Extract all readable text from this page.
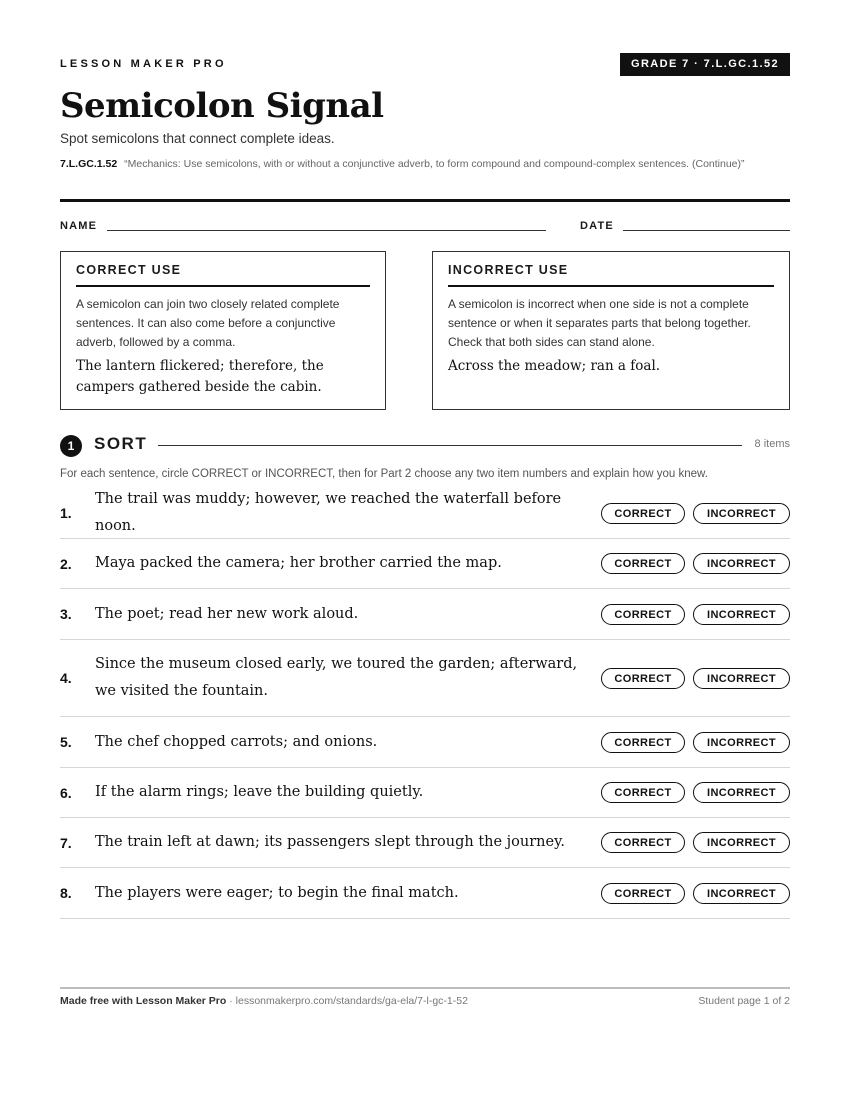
LESSON MAKER PRO	GRADE 7 · 7.L.GC.1.52
Semicolon Signal
Spot semicolons that connect complete ideas.
7.L.GC.1.52 “Mechanics: Use semicolons, with or without a conjunctive adverb, to form compound and compound-complex sentences. (Continue)”
NAME	DATE
CORRECT USE
A semicolon can join two closely related complete sentences. It can also come before a conjunctive adverb, followed by a comma.
The lantern flickered; therefore, the campers gathered beside the cabin.
INCORRECT USE
A semicolon is incorrect when one side is not a complete sentence or when it separates parts that belong together. Check that both sides can stand alone.
Across the meadow; ran a foal.
1	SORT	8 items
For each sentence, circle CORRECT or INCORRECT, then for Part 2 choose any two item numbers and explain how you knew.
1.
The trail was muddy; however, we reached the waterfall before noon.
CORRECT	INCORRECT
2.	Maya packed the camera; her brother carried the map.	CORRECT	INCORRECT
3.	The poet; read her new work aloud.	CORRECT	INCORRECT
4.
Since the museum closed early, we toured the garden; afterward, we visited the fountain.
CORRECT	INCORRECT
5.	The chef chopped carrots; and onions.	CORRECT	INCORRECT
6.	If the alarm rings; leave the building quietly.	CORRECT	INCORRECT
7.	The train left at dawn; its passengers slept through the journey.	CORRECT	INCORRECT
8.	The players were eager; to begin the final match.	CORRECT	INCORRECT
Made free with Lesson Maker Pro · lessonmakerpro.com/standards/ga-ela/7-l-gc-1-52	Student page 1 of 2
